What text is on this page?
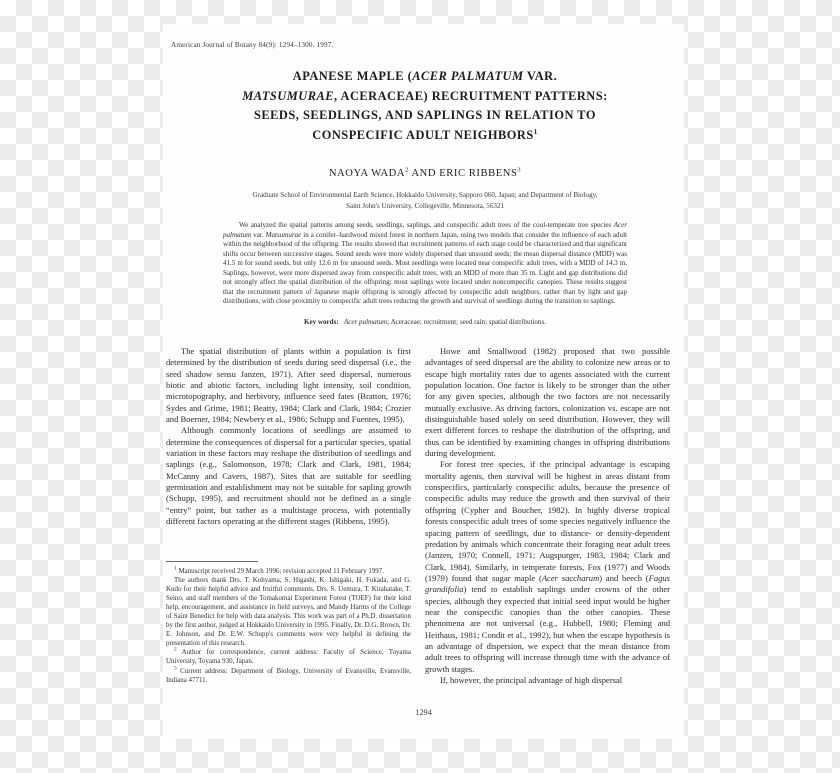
American Journal of Botany 84(9): 1294–1300. 1997.
APANESE MAPLE (ACER PALMATUM VAR.
MATSUMURAE, ACERACEAE) RECRUITMENT PATTERNS:
SEEDS, SEEDLINGS, AND SAPLINGS IN RELATION TO
CONSPECIFIC ADULT NEIGHBORS$^1$
NAOYA WADA$^2$ AND ERIC RIBBENS$^3$
Graduate School of Environmental Earth Science, Hokkaido University, Sapporo 060, Japan; and Department of Biology,
Saint John's University, Collegeville, Minnesota, 56321
We analyzed the spatial patterns among seeds, seedlings, saplings, and conspecific adult trees of the cool-temperate tree species Acer palmatum var. Matsumurae in a conifer–hardwood mixed forest in northern Japan, using two models that consider the influence of each adult within the neighborhood of the offspring. The results showed that recruitment patterns of each stage could be characterized and that significant shifts occur between successive stages. Sound seeds were more widely dispersed than unsound seeds; the mean dispersal distance (MDD) was 41.5 m for sound seeds, but only 12.6 m for unsound seeds. Most seedlings were located near conspecific adult trees, with a MDD of 14.3 m. Saplings, however, were more dispersed away from conspecific adult trees, with an MDD of more than 35 m. Light and gap distributions did not strongly affect the spatial distribution of the offspring; most saplings were located under noncompecific canopies. These results suggest that the recruitment pattern of Japanese maple offspring is strongly affected by conspecific adult neighbors, rather than by light and gap distributions, with close proximity to conspecific adult trees reducing the growth and survival of seedlings during the transition to saplings.
Key words: Acer palmatum; Aceraceae; recruitment; seed rain; spatial distributions.

The spatial distribution of plants within a population is first determined by the distribution of seeds during seed dispersal (i.e., the seed shadow sensu Janzen, 1971). After seed dispersal, numerous biotic and abiotic factors, including light intensity, soil condition, microtopography, and herbivory, influence seed fates (Bratton, 1976; Sydes and Grime, 1981; Beatty, 1984; Clark and Clark, 1984; Crozier and Boerner, 1984; Newbery et al., 1986; Schupp and Fuentes, 1995).

Although commonly locations of seedlings are assumed to determine the consequences of dispersal for a particular species, spatial variation in these factors may reshape the distribution of seedlings and saplings (e.g., Salomonson, 1978; Clark and Clark, 1981, 1984; McCanny and Cavers, 1987). Sites that are suitable for seedling germination and establishment may not be suitable for sapling growth (Schupp, 1995), and recruitment should not be defined as a single “entry” point, but rather as a multistage process, with potentially different factors operating at the different stages (Ribbens, 1995).

Howe and Smallwood (1982) proposed that two possible advantages of seed dispersal are the ability to colonize new areas or to escape high mortality rates due to agents associated with the current population location. One factor is likely to be stronger than the other for any given species, although the two factors are not necessarily mutually exclusive. As driving factors, colonization vs. escape are not distinguishable based solely on seed distribution. However, they will exert different forces to reshape the distribution of the offspring, and thus can be identified by examining changes in offspring distributions during development.

For forest tree species, if the principal advantage is escaping mortality agents, then survival will be highest in areas distant from conspecifics, particularly conspecific adults, because the presence of conspecific adults may reduce the growth and then survival of their offspring (Cypher and Boucher, 1982). In highly diverse tropical forests conspecific adult trees of some species negatively influence the spacing pattern of seedlings, due to distance- or density-dependent predation by animals which concentrate their foraging near adult trees (Janzen, 1970; Connell, 1971; Augspurger, 1983, 1984; Clark and Clark, 1984). Similarly, in temperate forests, Fox (1977) and Woods (1979) found that sugar maple (Acer saccharum) and beech (Fagus grandifolia) tend to establish saplings under crowns of the other species, although they expected that initial seed input would be higher near the conspecific canopies than the other canopies. These phenomena are not universal (e.g., Hubbell, 1980; Fleming and Heithaus, 1981; Condit et al., 1992), but when the escape hypothesis is an advantage of dispersion, we expect that the mean distance from adult trees to offspring will increase through time with the advance of growth stages.

If, however, the principal advantage of high dispersal

$^1$ Manuscript received 29 March 1996; revision accepted 11 February 1997.

The authors thank Drs. T. Kohyama, S. Higashi, K. Ishigaki, H. Fukada, and G. Kudo for their helpful advice and fruitful comments, Drs. S. Uemura, T. Kitahatake, T. Seino, and staff members of the Tomakomai Experiment Forest (TOEF) for their kind help, encouragement, and assistance in field surveys, and Mandy Harms of the College of Saint Benedict for help with data analysis. This work was part of a Ph.D. dissertation by the first author, judged at Hokkaido University in 1995. Finally, Dr. D.G. Brown, Dr. E. Johnson, and Dr. E.W. Schupp's comments were very helpful in defining the presentation of this research.

$^2$ Author for correspondence, current address: Faculty of Science, Toyama University, Toyama 930, Japan.

$^3$ Current address: Department of Biology, University of Evansville, Evansville, Indiana 47711.

1294
